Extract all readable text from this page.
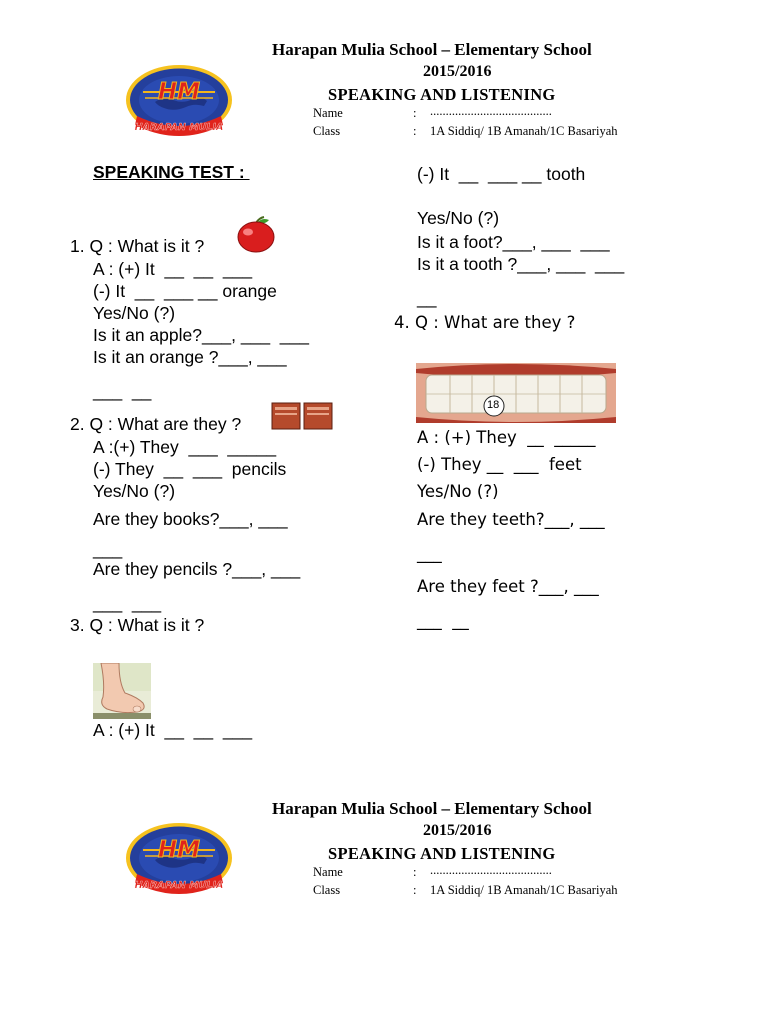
Harapan Mulia School – Elementary School
2015/2016
SPEAKING AND LISTENING
Name	: .......................................
Class	: 1A Siddiq/ 1B Amanah/1C Basariyah
SPEAKING TEST :
1. Q : What is it ?
A : (+) It  __  __  ___
(-) It  __  ___ __ orange
Yes/No (?)
Is it an apple?___, ___  ___
Is it an orange ?___, ___
___  __
2. Q : What are they ?
A :(+) They  ___  _____
(-) They  __  ___  pencils
Yes/No (?)
Are they books?___, ___
___
Are they pencils ?___, ___
___  ___
3. Q : What is it ?
A : (+) It  __  __  ___
(-) It  __  ___ __ tooth
Yes/No (?)
Is it a foot?___, ___  ___
Is it a tooth ?___, ___  ___
__
4. Q : What are they ?
18
A : (+) They  __  _____
(-) They __  ___  feet
Yes/No (?)
Are they teeth?___, ___
___
Are they feet ?___, ___
___  __
Harapan Mulia School – Elementary School
2015/2016
SPEAKING AND LISTENING
Name	: .......................................
Class	: 1A Siddiq/ 1B Amanah/1C Basariyah
